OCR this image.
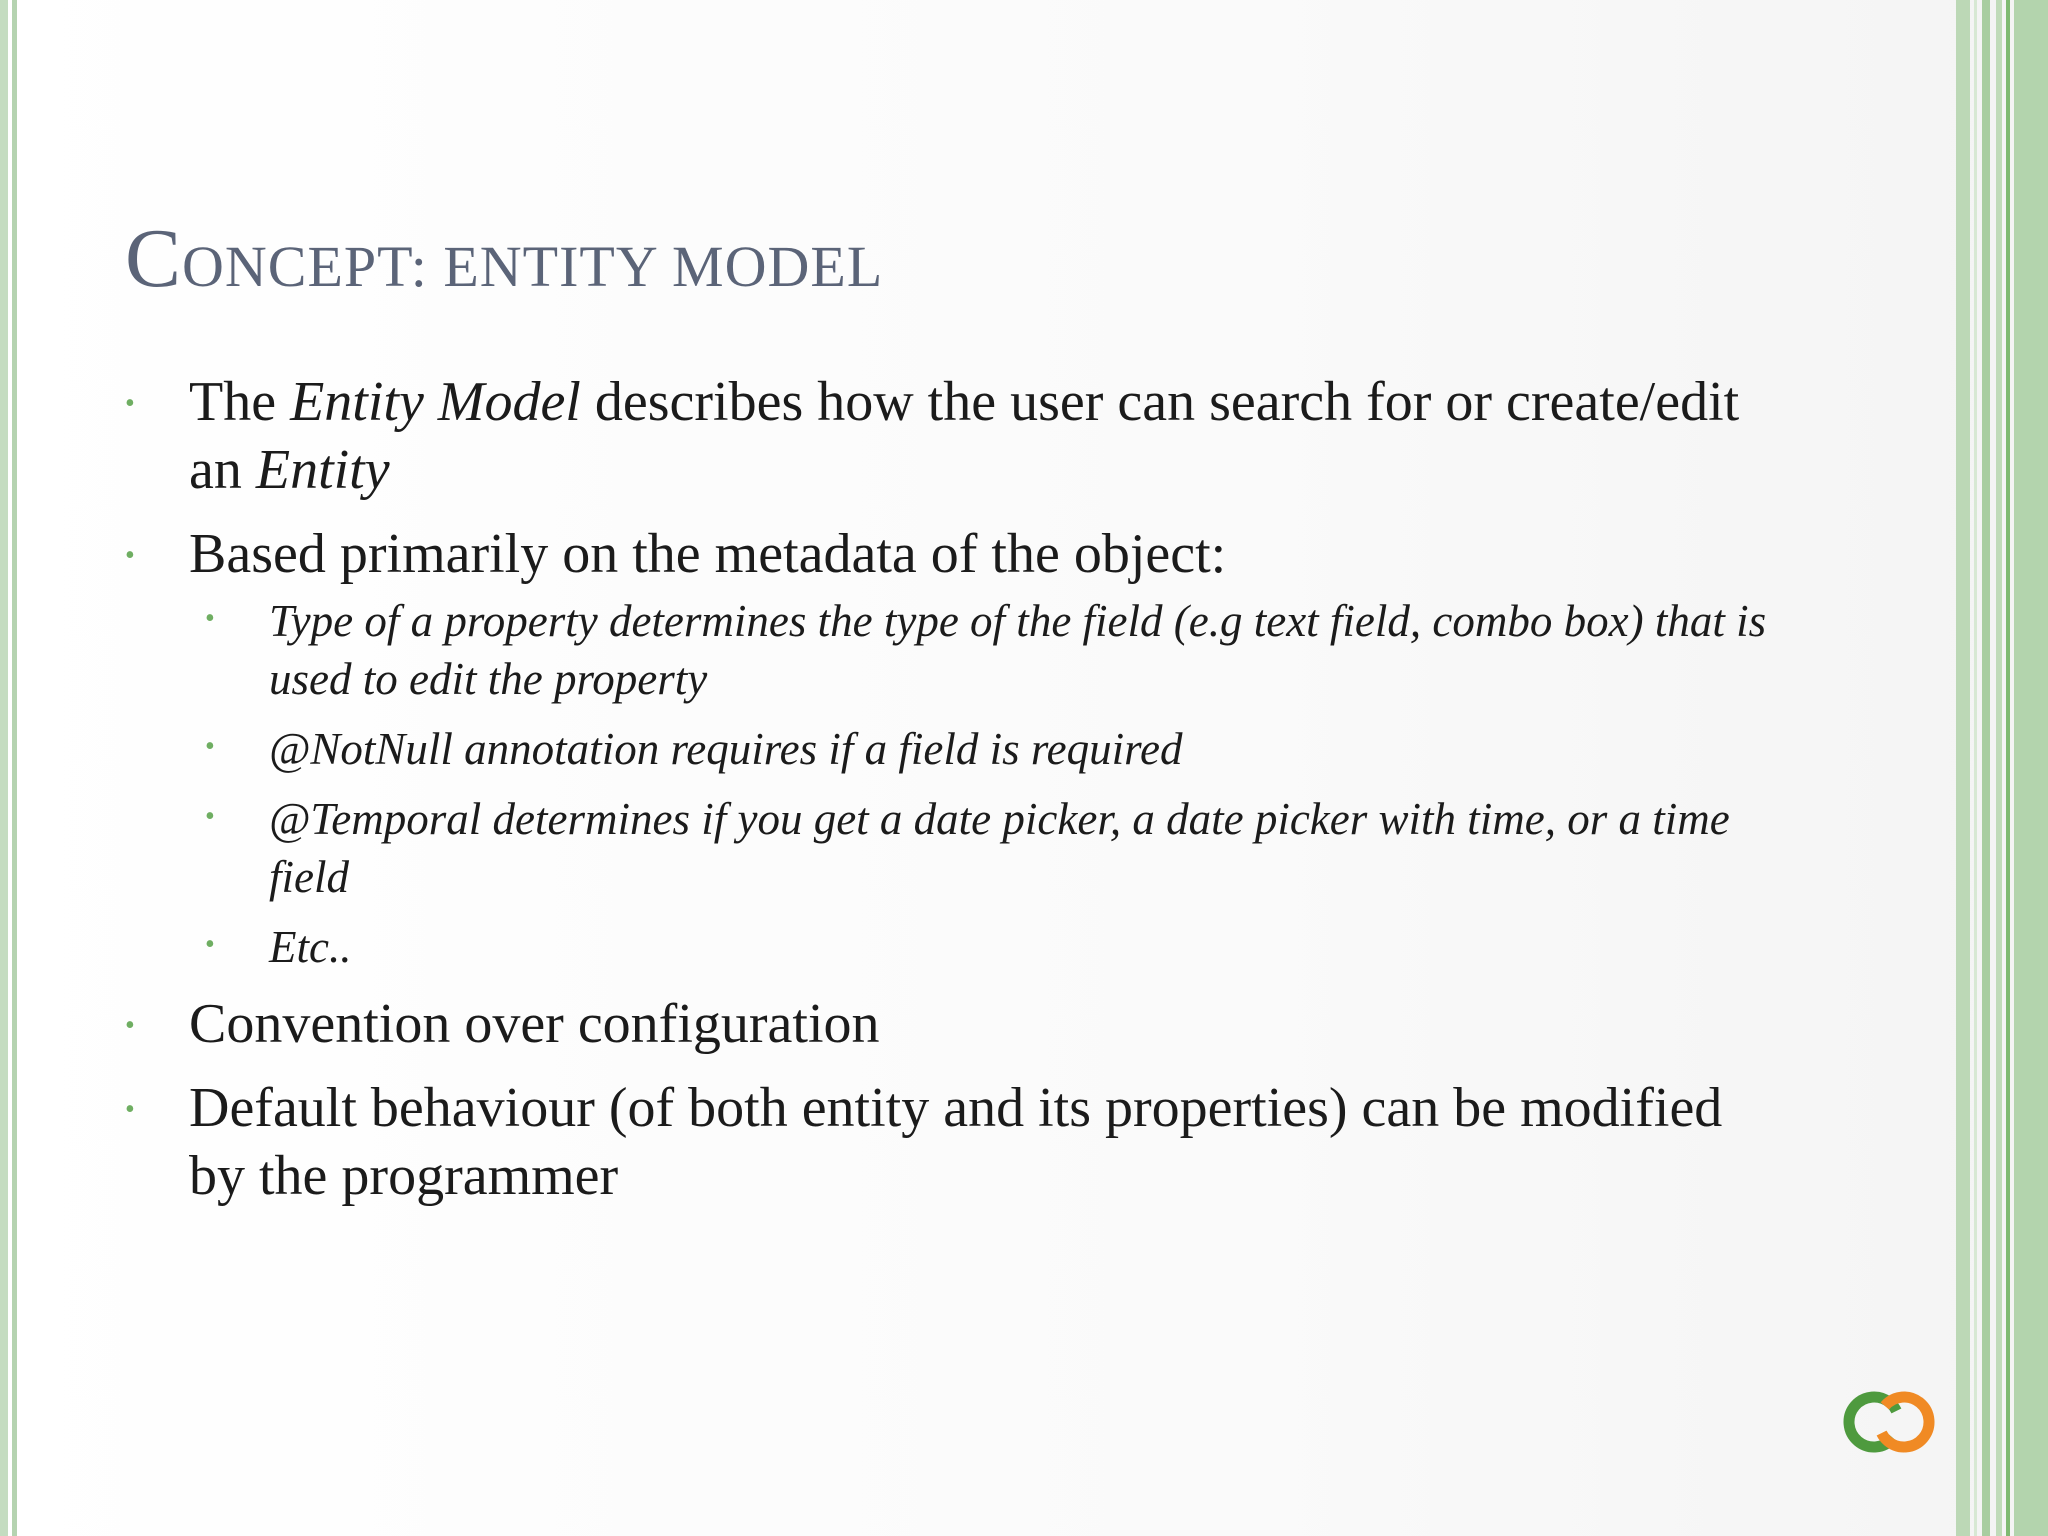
CONCEPT: ENTITY MODEL
• The Entity Model describes how the user can search for or create/edit an Entity
• Based primarily on the metadata of the object:
• Type of a property determines the type of the field (e.g text field, combo box) that is used to edit the property
• @NotNull annotation requires if a field is required
• @Temporal determines if you get a date picker, a date picker with time, or a time field
• Etc..
• Convention over configuration
• Default behaviour (of both entity and its properties) can be modified by the programmer
